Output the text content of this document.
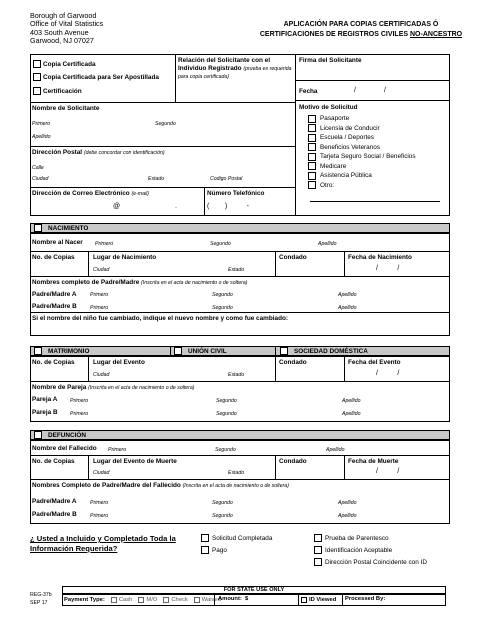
Borough of Garwood
Office of Vital Statistics
403 South Avenue
Garwood, NJ 07027
APLICACIÓN PARA COPIAS CERTIFICADAS Ó
CERTIFICACIONES DE REGISTROS CIVILES NO-ANCESTRO
Copia Certificada
Copia Certificada para Ser Apostillada
Certificación
Relación del Solicitante con el Individuo Registrado (prueba es requerida para copia certificada)
Firma del Solicitante
Fecha	/	/
Nombre de Solicitante
Primero	Segundo
Apellido
Dirección Postal (debe concordar con identificación)
Calle
Ciudad	Estado	Codigo Postal
Dirección de Correo Electrónico (e-mail)
@	.
Número Telefónico
(        )          -
Motivo de Solicitud
Pasaporte
Licensia de Conducir
Escuela / Deportes
Beneficios Veteranos
Tarjeta Seguro Social / Beneficios
Medicare
Asistencia Pública
Otro:
NACIMIENTO
Nombre al Nacer Primero	Segundo	Apellido
No. de Copias	Lugar de Nacimiento
Ciudad	Estado
Condado	Fecha de Nacimiento
/          /
Nombres completo de Padre/Madre (Inscrita en el acta de nacimiento o de soltera)
Padre/Madre A	Primero	Segundo	Apellido
Padre/Madre B	Primero	Segundo	Apellido
Si el nombre del niño fue cambiado, indique el nuevo nombre y como fue cambiado:
MATRIMONIO	UNIÓN CIVIL	SOCIEDAD DOMÉSTICA
No. de Copias	Lugar del Evento
Ciudad	Estado
Condado	Fecha del Evento
/          /
Nombre de Pareja (Inscrita en el acta de nacimiento o de soltera)
Pareja A Primero	Segundo	Apellido
Pareja B Primero	Segundo	Apellido
DEFUNCIÓN
Nombre del Fallecido Primero	Segundo	Apellido
No. de Copias	Lugar del Evento de Muerte
Ciudad	Estado
Condado	Fecha de Muerte
/          /
Nombres Completo de Padre/Madre del Fallecido (Inscrita en el acta de nacimiento o de soltera)
Padre/Madre A	Primero	Segundo	Apellido
Padre/Madre B	Primero	Segundo	Apellido
¿ Usted a Incluido y Completado Toda la Información Requerida?
Solicitud Completada
Pago
Prueba de Parentesco
Identificación Aceptable
Dirección Postal Coincidente con ID
REG-37b
SEP 17
FOR STATE USE ONLY
Payment Type: Cash M/O Check Waived
Amount:  $	ID Viewed Processed By:
